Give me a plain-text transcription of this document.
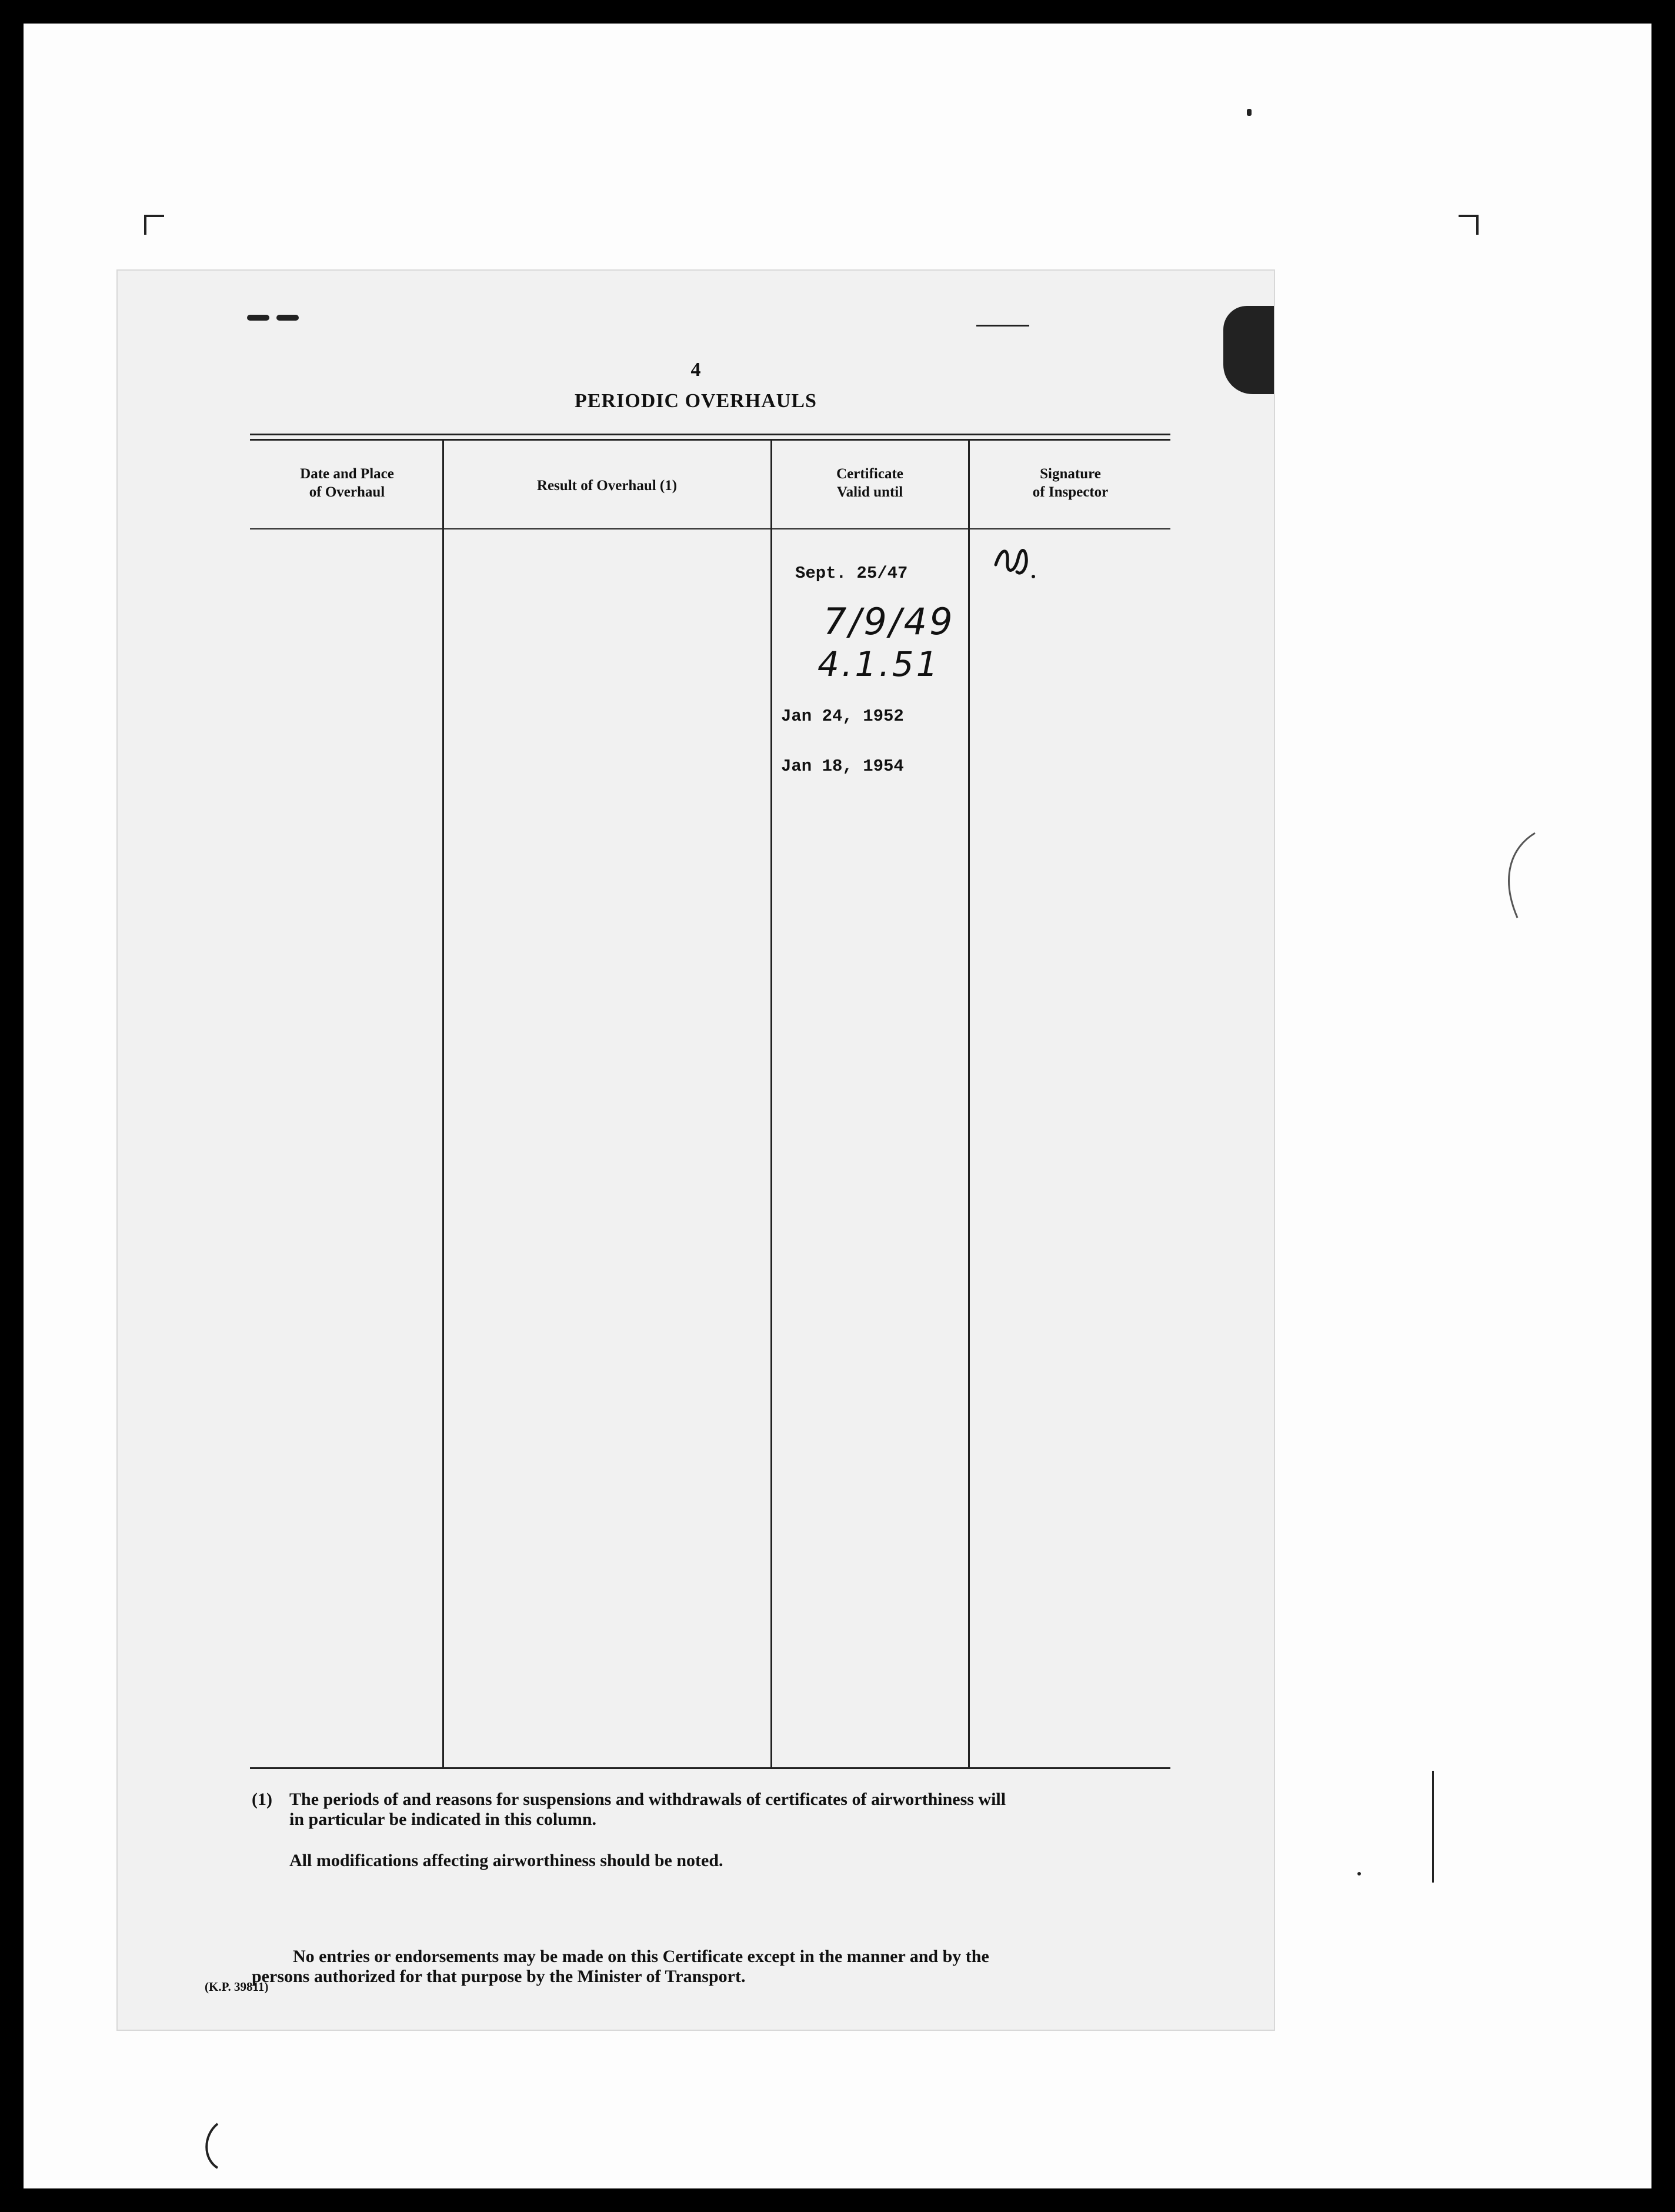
4
PERIODIC OVERHAULS
Date and Place
of Overhaul	Result of Overhaul (1)
Certificate
Valid until
Signature
of Inspector
Sept. 25/47
7/9/49
4.1.51
Jan 24, 1952
Jan 18, 1954
(1) The periods of and reasons for suspensions and withdrawals of certificates of airworthiness will
in particular be indicated in this column.
All modifications affecting airworthiness should be noted.
No entries or endorsements may be made on this Certificate except in the manner and by the
persons authorized for that purpose by the Minister of Transport.
(K.P. 39811)
